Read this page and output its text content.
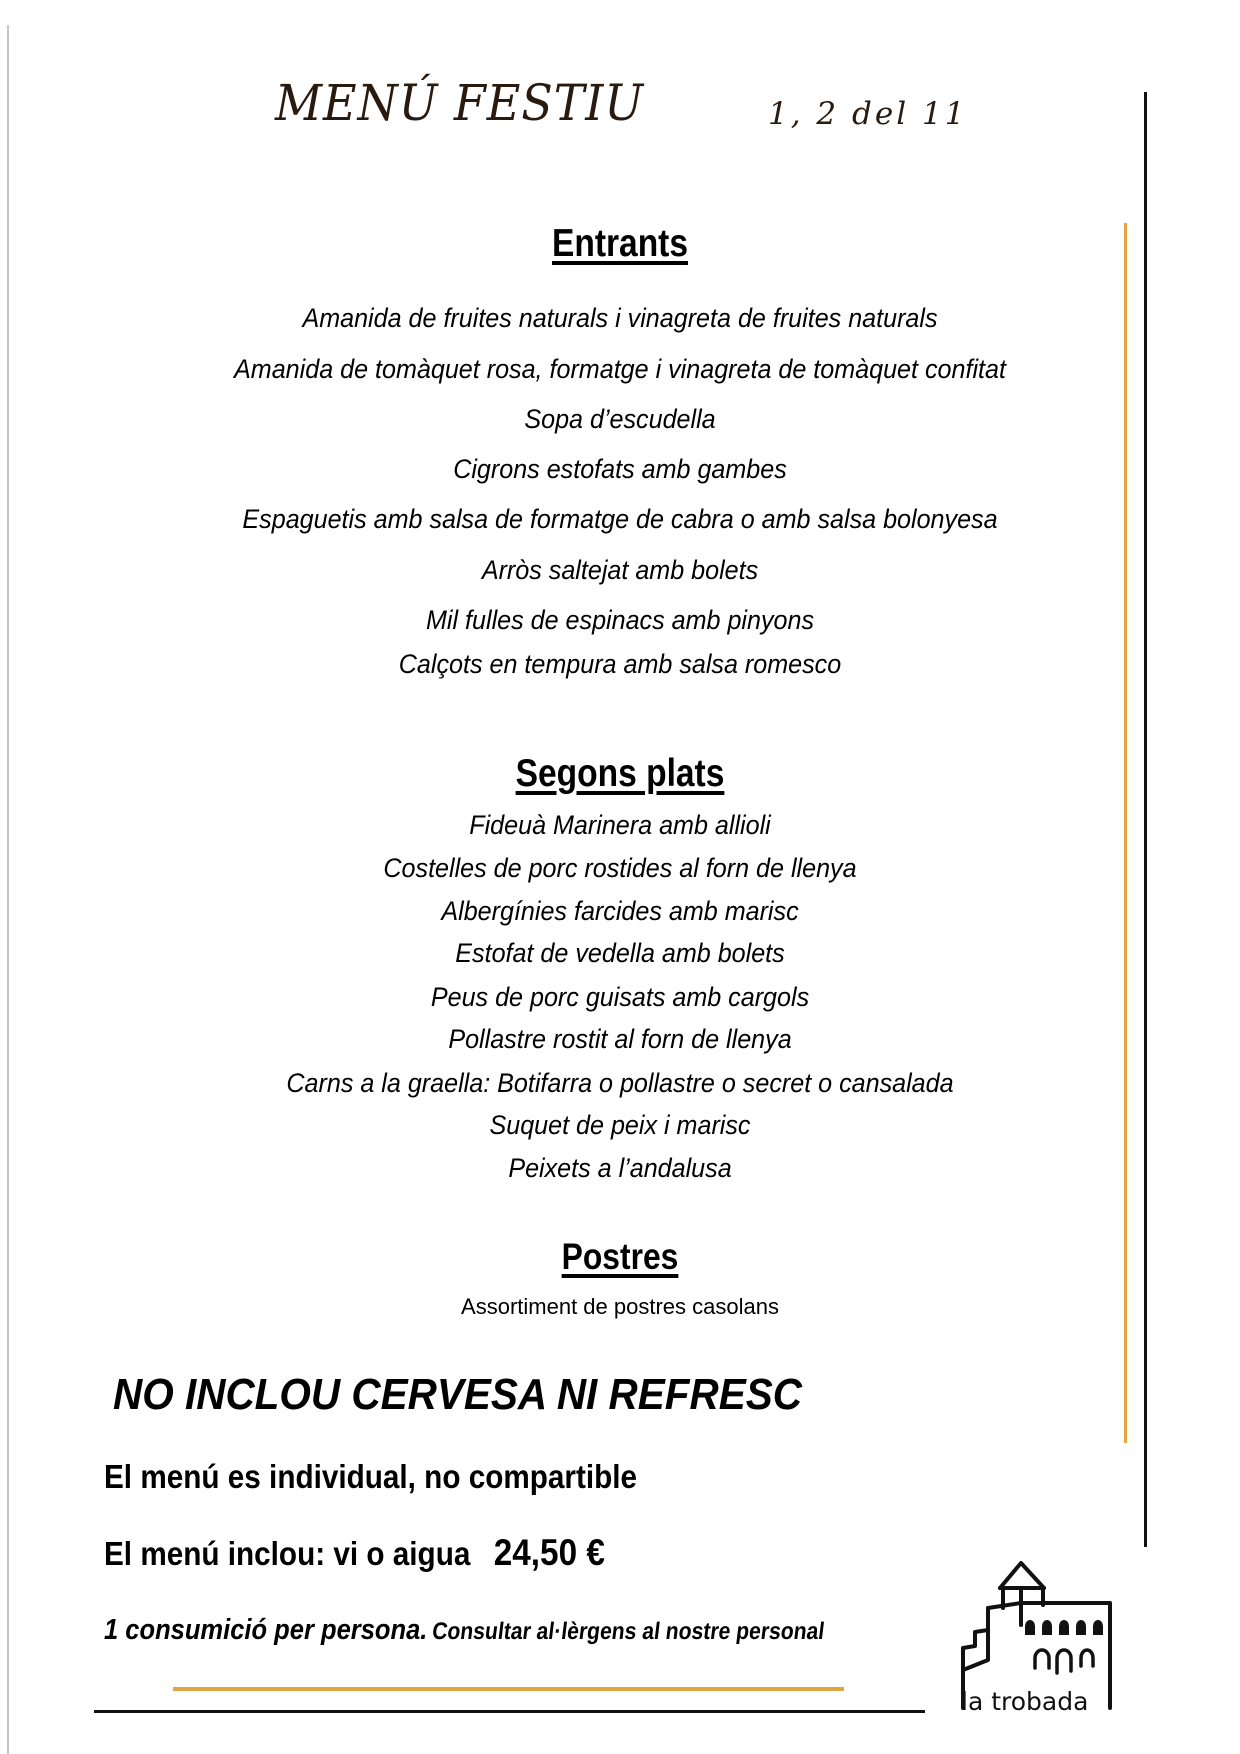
MENÚ FESTIU	1, 2 del 11
Entrants
Amanida de fruites naturals i vinagreta de fruites naturals
Amanida de tomàquet rosa, formatge i vinagreta de tomàquet confitat
Sopa d’escudella
Cigrons estofats amb gambes
Espaguetis amb salsa de formatge de cabra o amb salsa bolonyesa
Arròs saltejat amb bolets
Mil fulles de espinacs amb pinyons
Calçots en tempura amb salsa romesco
Segons plats
Fideuà Marinera amb allioli
Costelles de porc rostides al forn de llenya
Albergínies farcides amb marisc
Estofat de vedella amb bolets
Peus de porc guisats amb cargols
Pollastre rostit al forn de llenya
Carns a la graella: Botifarra o pollastre o secret o cansalada
Suquet de peix i marisc
Peixets a l’andalusa
Postres
Assortiment de postres casolans
NO INCLOU CERVESA NI REFRESC
El menú es individual, no compartible
El menú inclou: vi o aigua 24,50 €
1 consumició per persona. Consultar al·lèrgens al nostre personal
la trobada
